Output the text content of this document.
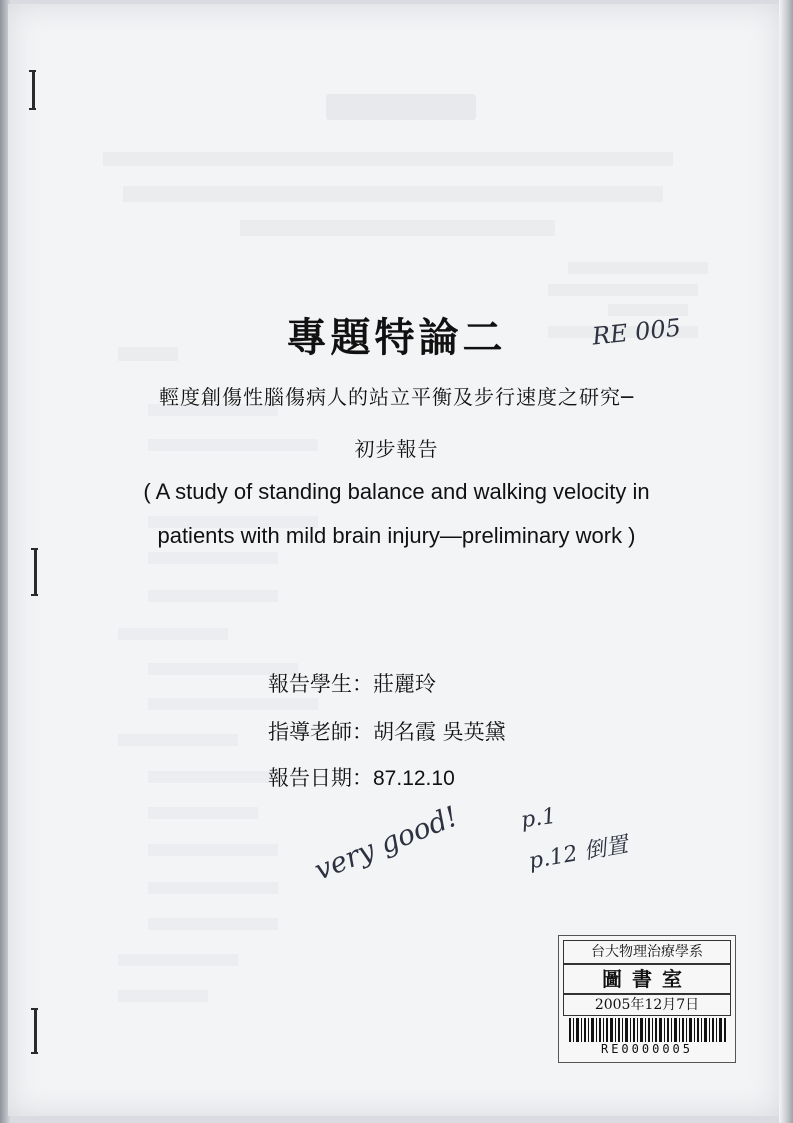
專題特論二
輕度創傷性腦傷病人的站立平衡及步行速度之研究─
初步報告
( A study of standing balance and walking velocity in
patients with mild brain injury—preliminary work )
報告學生：莊麗玲
指導老師：胡名霞 吳英黛
報告日期：87.12.10
RE 005
very good!	p.1
p.12 倒置
台大物理治療學系
圖書室
2005年12月7日
RE0000005
